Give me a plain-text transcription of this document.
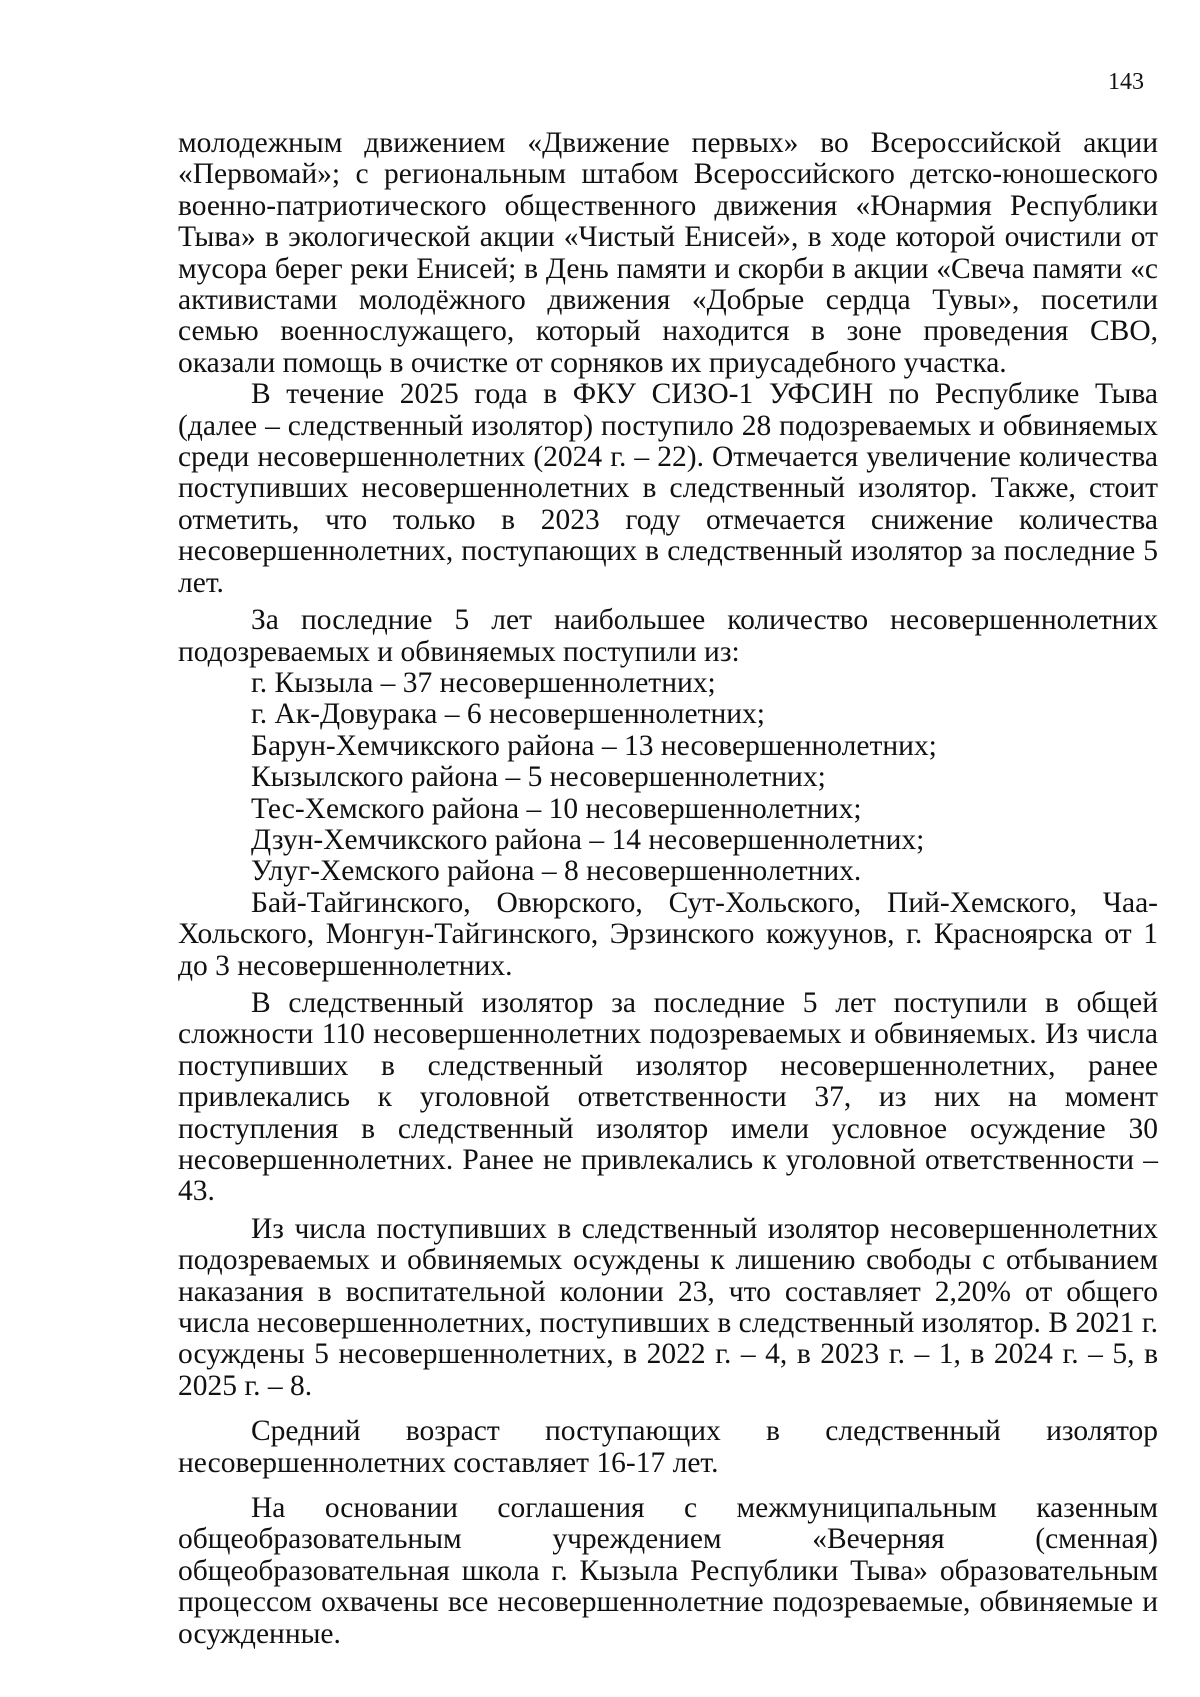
143

молодежным движением «Движение первых» во Всероссийской акции «Первомай»; с региональным штабом Всероссийского детско-юношеского военно-патриотического общественного движения «Юнармия Республики Тыва» в экологической акции «Чистый Енисей», в ходе которой очистили от мусора берег реки Енисей; в День памяти и скорби в акции «Свеча памяти «с активистами молодёжного движения «Добрые сердца Тувы», посетили семью военнослужащего, который находится в зоне проведения СВО, оказали помощь в очистке от сорняков их приусадебного участка.

В течение 2025 года в ФКУ СИЗО-1 УФСИН по Республике Тыва (далее – следственный изолятор) поступило 28 подозреваемых и обвиняемых среди несовершеннолетних (2024 г. – 22). Отмечается увеличение количества поступивших несовершеннолетних в следственный изолятор. Также, стоит отметить, что только в 2023 году отмечается снижение количества несовершеннолетних, поступающих в следственный изолятор за последние 5 лет.

За последние 5 лет наибольшее количество несовершеннолетних подозреваемых и обвиняемых поступили из:

г. Кызыла – 37 несовершеннолетних;

г. Ак-Довурака – 6 несовершеннолетних;

Барун-Хемчикского района – 13 несовершеннолетних;

Кызылского района – 5 несовершеннолетних;

Тес-Хемского района – 10 несовершеннолетних;

Дзун-Хемчикского района – 14 несовершеннолетних;

Улуг-Хемского района – 8 несовершеннолетних.

Бай-Тайгинского, Овюрского, Сут-Хольского, Пий-Хемского, Чаа-Хольского, Монгун-Тайгинского, Эрзинского кожуунов, г. Красноярска от 1 до 3 несовершеннолетних.

В следственный изолятор за последние 5 лет поступили в общей сложности 110 несовершеннолетних подозреваемых и обвиняемых. Из числа поступивших в следственный изолятор несовершеннолетних, ранее привлекались к уголовной ответственности 37, из них на момент поступления в следственный изолятор имели условное осуждение 30 несовершеннолетних. Ранее не привлекались к уголовной ответственности – 43.

Из числа поступивших в следственный изолятор несовершеннолетних подозреваемых и обвиняемых осуждены к лишению свободы с отбыванием наказания в воспитательной колонии 23, что составляет 2,20% от общего числа несовершеннолетних, поступивших в следственный изолятор. В 2021 г. осуждены 5 несовершеннолетних, в 2022 г. – 4, в 2023 г. – 1, в 2024 г. – 5, в 2025 г. – 8.

Средний возраст поступающих в следственный изолятор несовершеннолетних составляет 16-17 лет.

На основании соглашения с межмуниципальным казенным общеобразовательным учреждением «Вечерняя (сменная) общеобразовательная школа г. Кызыла Республики Тыва» образовательным процессом охвачены все несовершеннолетние подозреваемые, обвиняемые и осужденные.
